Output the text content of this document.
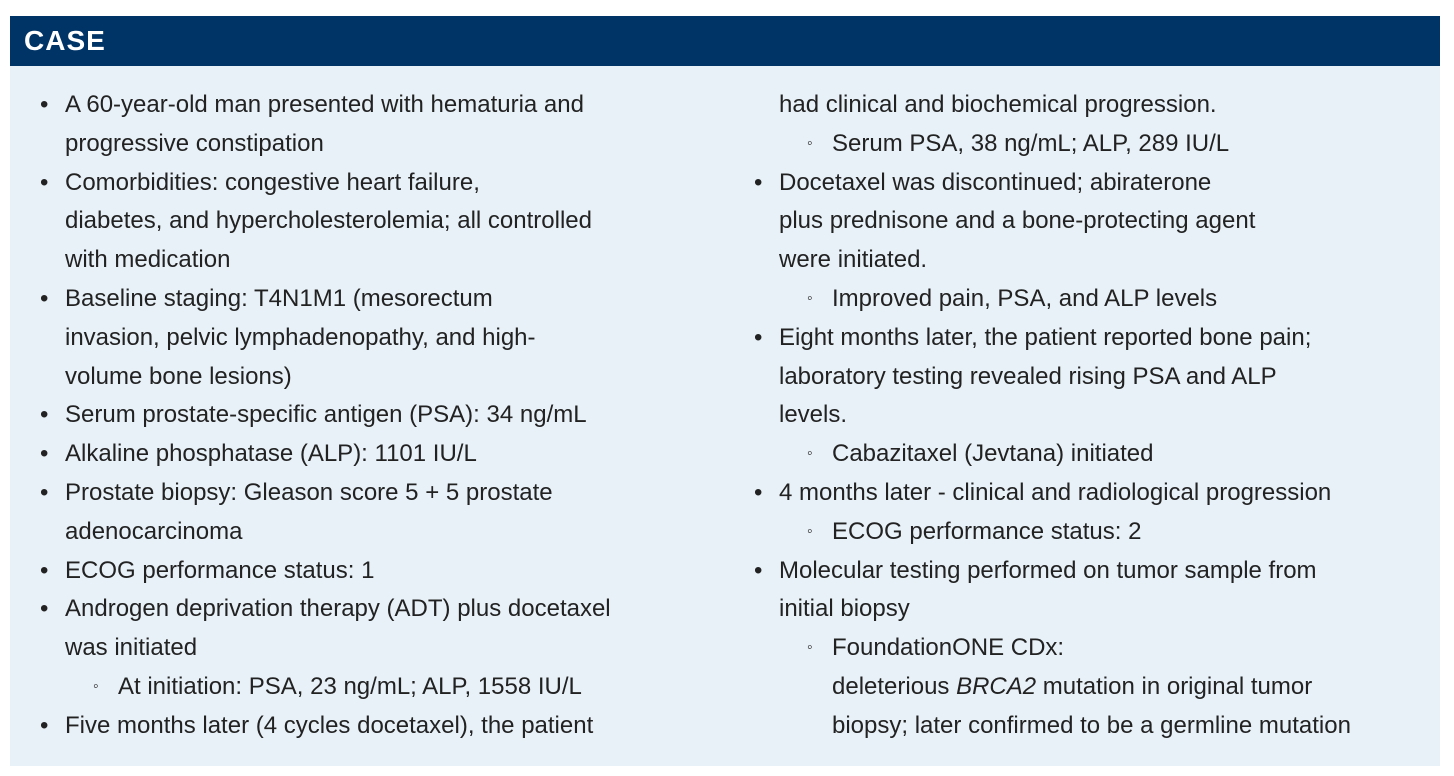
CASE
• A 60-year-old man presented with hematuria and
progressive constipation
• Comorbidities: congestive heart failure,
diabetes, and hypercholesterolemia; all controlled
with medication
• Baseline staging: T4N1M1 (mesorectum
invasion, pelvic lymphadenopathy, and high-
volume bone lesions)
• Serum prostate-specific antigen (PSA): 34 ng/mL
• Alkaline phosphatase (ALP): 1101 IU/L
• Prostate biopsy: Gleason score 5 + 5 prostate
adenocarcinoma
• ECOG performance status: 1
• Androgen deprivation therapy (ADT) plus docetaxel
was initiated
◦ At initiation: PSA, 23 ng/mL; ALP, 1558 IU/L
• Five months later (4 cycles docetaxel), the patient
had clinical and biochemical progression.
◦ Serum PSA, 38 ng/mL; ALP, 289 IU/L
• Docetaxel was discontinued; abiraterone
plus prednisone and a bone-protecting agent
were initiated.
◦ Improved pain, PSA, and ALP levels
• Eight months later, the patient reported bone pain;
laboratory testing revealed rising PSA and ALP
levels.
◦ Cabazitaxel (Jevtana) initiated
• 4 months later - clinical and radiological progression
◦ ECOG performance status: 2
• Molecular testing performed on tumor sample from
initial biopsy
◦ FoundationONE CDx:
deleterious BRCA2 mutation in original tumor
biopsy; later confirmed to be a germline mutation
